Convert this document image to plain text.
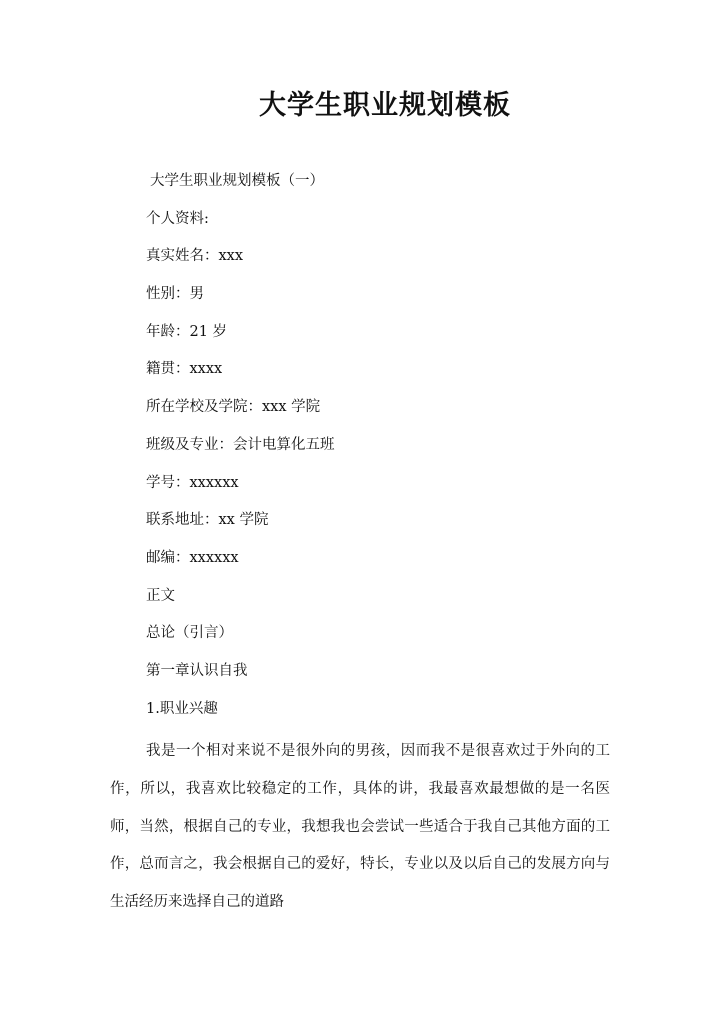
大学生职业规划模板
大学生职业规划模板（一）
个人资料:
真实姓名：xxx
性别：男
年龄：21 岁
籍贯：xxxx
所在学校及学院：xxx 学院
班级及专业：会计电算化五班
学号：xxxxxx
联系地址：xx 学院
邮编：xxxxxx
正文
总论（引言）
第一章认识自我
1.职业兴趣

我是一个相对来说不是很外向的男孩，因而我不是很喜欢过于外向的工作，所以，我喜欢比较稳定的工作，具体的讲，我最喜欢最想做的是一名医师，当然，根据自己的专业，我想我也会尝试一些适合于我自己其他方面的工作，总而言之，我会根据自己的爱好，特长，专业以及以后自己的发展方向与生活经历来选择自己的道路
